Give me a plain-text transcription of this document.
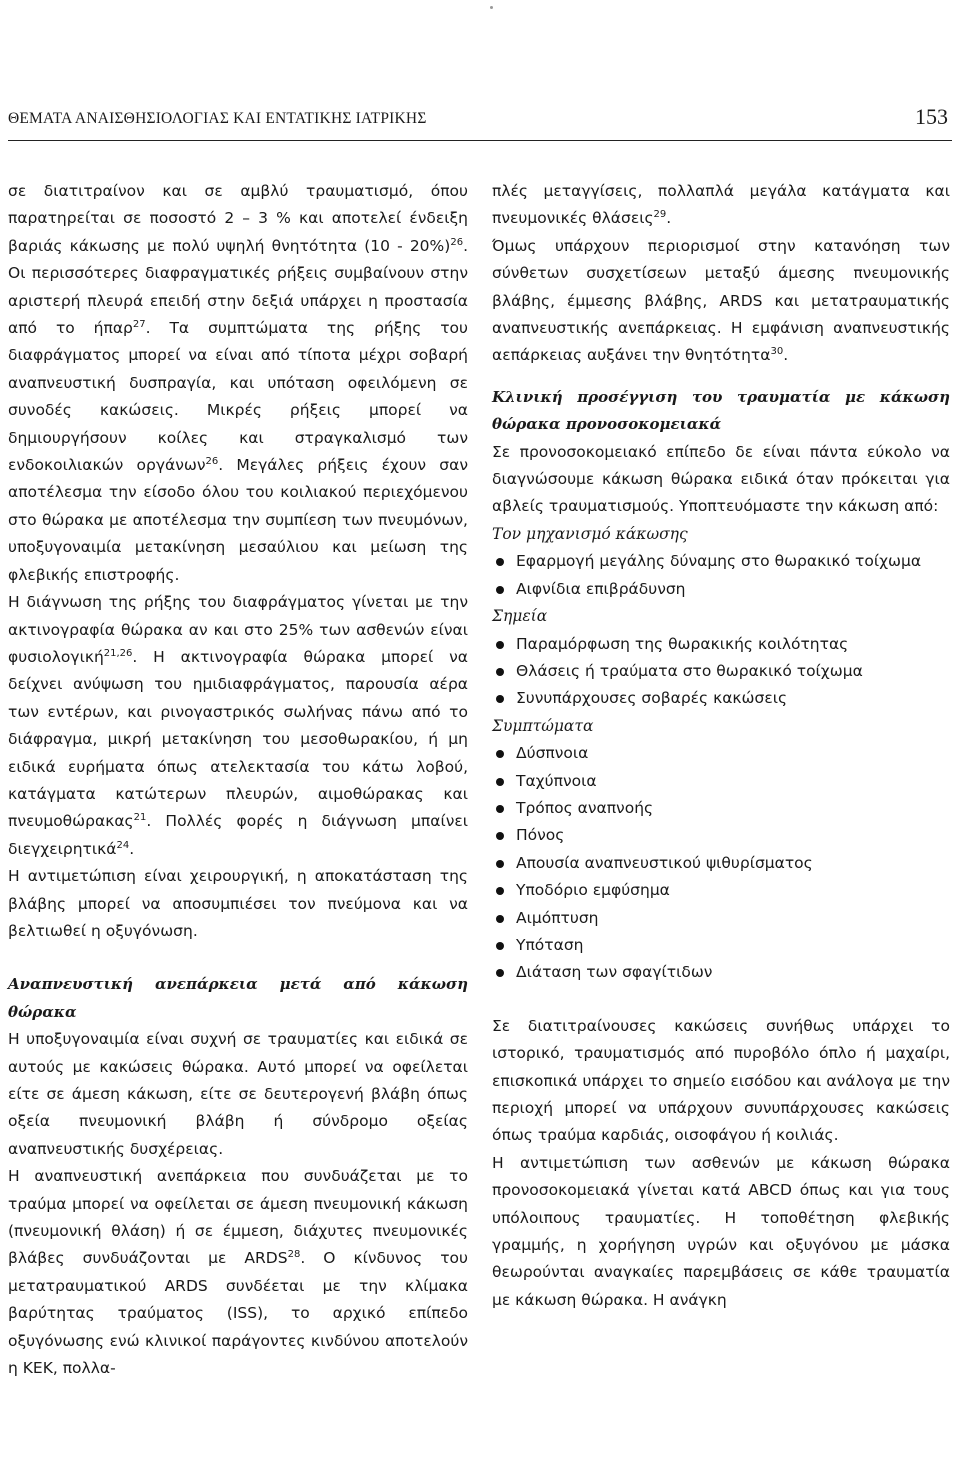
ΘΕΜΑΤΑ ΑΝΑΙΣΘΗΣΙΟΛΟΓΙΑΣ ΚΑΙ ΕΝΤΑΤΙΚΗΣ ΙΑΤΡΙΚΗΣ	153

σε διατιτραίνον και σε αμβλύ τραυματισμό, όπου παρατηρείται σε ποσοστό 2 – 3 % και αποτελεί ένδειξη βαριάς κάκωσης με πολύ υψηλή θνητότητα (10 - 20%)$^{26}$. Οι περισσότερες διαφραγματικές ρήξεις συμβαίνουν στην αριστερή πλευρά επειδή στην δεξιά υπάρχει η προστασία από το ήπαρ$^{27}$. Τα συμπτώματα της ρήξης του διαφράγματος μπορεί να είναι από τίποτα μέχρι σοβαρή αναπνευστική δυσπραγία, και υπόταση οφειλόμενη σε συνοδές κακώσεις. Μικρές ρήξεις μπορεί να δημιουργήσουν κοίλες και στραγκαλισμό των ενδοκοιλιακών οργάνων$^{26}$. Μεγάλες ρήξεις έχουν σαν αποτέλεσμα την είσοδο όλου του κοιλιακού περιεχόμενου στο θώρακα με αποτέλεσμα την συμπίεση των πνευμόνων, υποξυγοναιμία μετακίνηση μεσαύλιου και μείωση της φλεβικής επιστροφής.

Η διάγνωση της ρήξης του διαφράγματος γίνεται με την ακτινογραφία θώρακα αν και στο 25% των ασθενών είναι φυσιολογική$^{21,26}$. Η ακτινογραφία θώρακα μπορεί να δείχνει ανύψωση του ημιδιαφράγματος, παρουσία αέρα των εντέρων, και ρινογαστρικός σωλήνας πάνω από το διάφραγμα, μικρή μετακίνηση του μεσοθωρακίου, ή μη ειδικά ευρήματα όπως ατελεκτασία του κάτω λοβού, κατάγματα κατώτερων πλευρών, αιμοθώρακας και πνευμοθώρακας$^{21}$. Πολλές φορές η διάγνωση μπαίνει διεγχειρητικά$^{24}$.

Η αντιμετώπιση είναι χειρουργική, η αποκατάσταση της βλάβης μπορεί να αποσυμπιέσει τον πνεύμονα και να βελτιωθεί η οξυγόνωση.

Αναπνευστική ανεπάρκεια μετά από κάκωση θώρακα

Η υποξυγοναιμία είναι συχνή σε τραυματίες και ειδικά σε αυτούς με κακώσεις θώρακα. Αυτό μπορεί να οφείλεται είτε σε άμεση κάκωση, είτε σε δευτερογενή βλάβη όπως οξεία πνευμονική βλάβη ή σύνδρομο οξείας αναπνευστικής δυσχέρειας.

Η αναπνευστική ανεπάρκεια που συνδυάζεται με το τραύμα μπορεί να οφείλεται σε άμεση πνευμονική κάκωση (πνευμονική θλάση) ή σε έμμεση, διάχυτες πνευμονικές βλάβες συνδυάζονται με ARDS$^{28}$. Ο κίνδυνος του μετατραυματικού ARDS συνδέεται με την κλίμακα βαρύτητας τραύματος (ISS), το αρχικό επίπεδο οξυγόνωσης ενώ κλινικοί παράγοντες κινδύνου αποτελούν η ΚΕΚ, πολλα-

πλές μεταγγίσεις, πολλαπλά μεγάλα κατάγματα και πνευμονικές θλάσεις$^{29}$.

Όμως υπάρχουν περιορισμοί στην κατανόηση των σύνθετων συσχετίσεων μεταξύ άμεσης πνευμονικής βλάβης, έμμεσης βλάβης, ARDS και μετατραυματικής αναπνευστικής ανεπάρκειας. Η εμφάνιση αναπνευστικής αεπάρκειας αυξάνει την θνητότητα$^{30}$.

Κλινική προσέγγιση του τραυματία με κάκωση θώρακα προνοσοκομειακά

Σε προνοσοκομειακό επίπεδο δε είναι πάντα εύκολο να διαγνώσουμε κάκωση θώρακα ειδικά όταν πρόκειται για αβλείς τραυματισμούς. Υποπτευόμαστε την κάκωση από:

Τον μηχανισμό κάκωσης

Εφαρμογή μεγάλης δύναμης στο θωρακικό τοίχωμα
Αιφνίδια επιβράδυνση

Σημεία

Παραμόρφωση της θωρακικής κοιλότητας
Θλάσεις ή τραύματα στο θωρακικό τοίχωμα
Συνυπάρχουσες σοβαρές κακώσεις

Συμπτώματα

Δύσπνοια
Ταχύπνοια
Τρόπος αναπνοής
Πόνος
Απουσία αναπνευστικού ψιθυρίσματος
Υποδόριο εμφύσημα
Αιμόπτυση
Υπόταση
Διάταση των σφαγίτιδων

Σε διατιτραίνουσες κακώσεις συνήθως υπάρχει το ιστορικό, τραυματισμός από πυροβόλο όπλο ή μαχαίρι, επισκοπικά υπάρχει το σημείο εισόδου και ανάλογα με την περιοχή μπορεί να υπάρχουν συνυπάρχουσες κακώσεις όπως τραύμα καρδιάς, οισοφάγου ή κοιλιάς.

Η αντιμετώπιση των ασθενών με κάκωση θώρακα προνοσοκομειακά γίνεται κατά ABCD όπως και για τους υπόλοιπους τραυματίες. Η τοποθέτηση φλεβικής γραμμής, η χορήγηση υγρών και οξυγόνου με μάσκα θεωρούνται αναγκαίες παρεμβάσεις σε κάθε τραυματία με κάκωση θώρακα. Η ανάγκη
